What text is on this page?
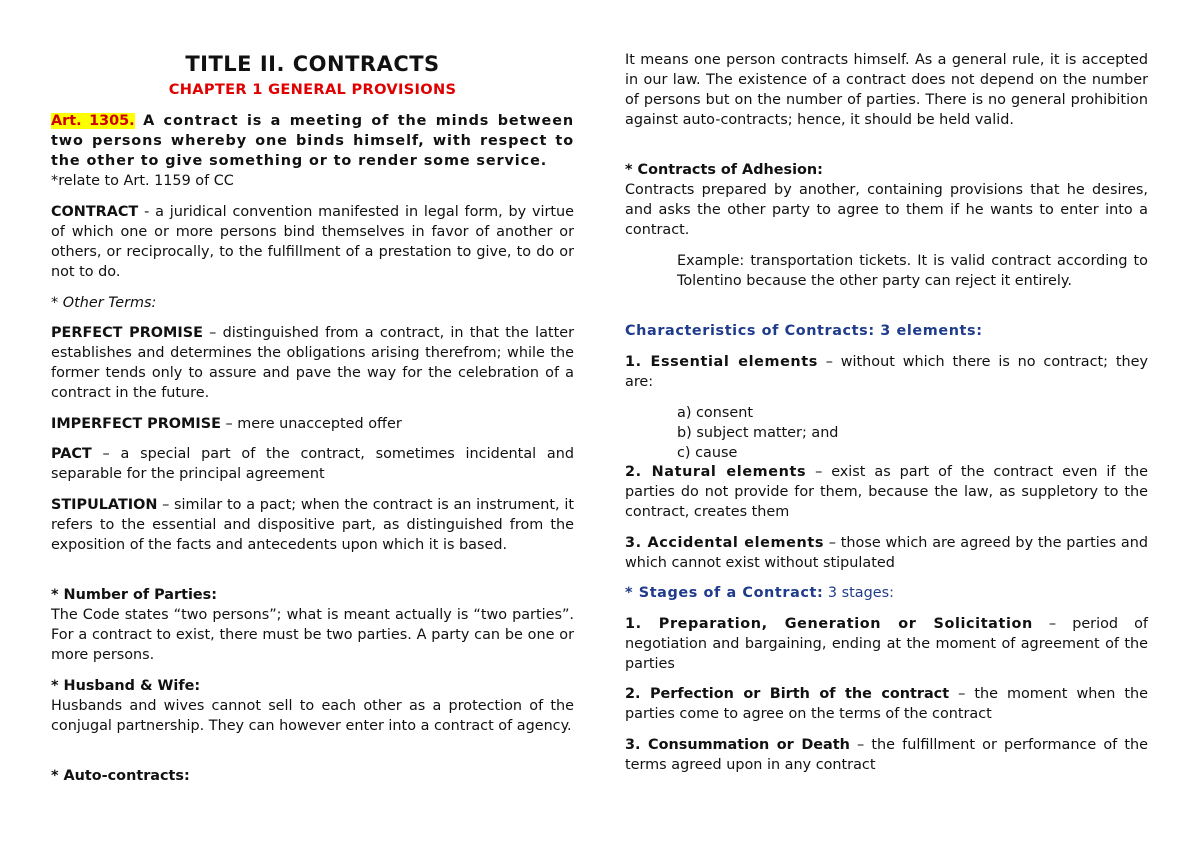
TITLE II. CONTRACTS
CHAPTER 1 GENERAL PROVISIONS

Art. 1305. A contract is a meeting of the minds between two persons whereby one binds himself, with respect to the other to give something or to render some service.

*relate to Art. 1159 of CC

CONTRACT - a juridical convention manifested in legal form, by virtue of which one or more persons bind themselves in favor of another or others, or reciprocally, to the fulfillment of a prestation to give, to do or not to do.

* Other Terms:

PERFECT PROMISE – distinguished from a contract, in that the latter establishes and determines the obligations arising therefrom; while the former tends only to assure and pave the way for the celebration of a contract in the future.

IMPERFECT PROMISE – mere unaccepted offer

PACT – a special part of the contract, sometimes incidental and separable for the principal agreement

STIPULATION – similar to a pact; when the contract is an instrument, it refers to the essential and dispositive part, as distinguished from the exposition of the facts and antecedents upon which it is based.

* Number of Parties:

The Code states “two persons”; what is meant actually is “two parties”. For a contract to exist, there must be two parties. A party can be one or more persons.

* Husband & Wife:

Husbands and wives cannot sell to each other as a protection of the conjugal partnership. They can however enter into a contract of agency.

* Auto-contracts:

It means one person contracts himself. As a general rule, it is accepted in our law. The existence of a contract does not depend on the number of persons but on the number of parties. There is no general prohibition against auto-contracts; hence, it should be held valid.

* Contracts of Adhesion:

Contracts prepared by another, containing provisions that he desires, and asks the other party to agree to them if he wants to enter into a contract.

Example: transportation tickets. It is valid contract according to Tolentino because the other party can reject it entirely.

Characteristics of Contracts: 3 elements:

1. Essential elements – without which there is no contract; they are:

a) consent

b) subject matter; and

c) cause

2. Natural elements – exist as part of the contract even if the parties do not provide for them, because the law, as suppletory to the contract, creates them

3. Accidental elements – those which are agreed by the parties and which cannot exist without stipulated

* Stages of a Contract: 3 stages:

1. Preparation, Generation or Solicitation – period of negotiation and bargaining, ending at the moment of agreement of the parties

2. Perfection or Birth of the contract – the moment when the parties come to agree on the terms of the contract

3. Consummation or Death – the fulfillment or performance of the terms agreed upon in any contract
